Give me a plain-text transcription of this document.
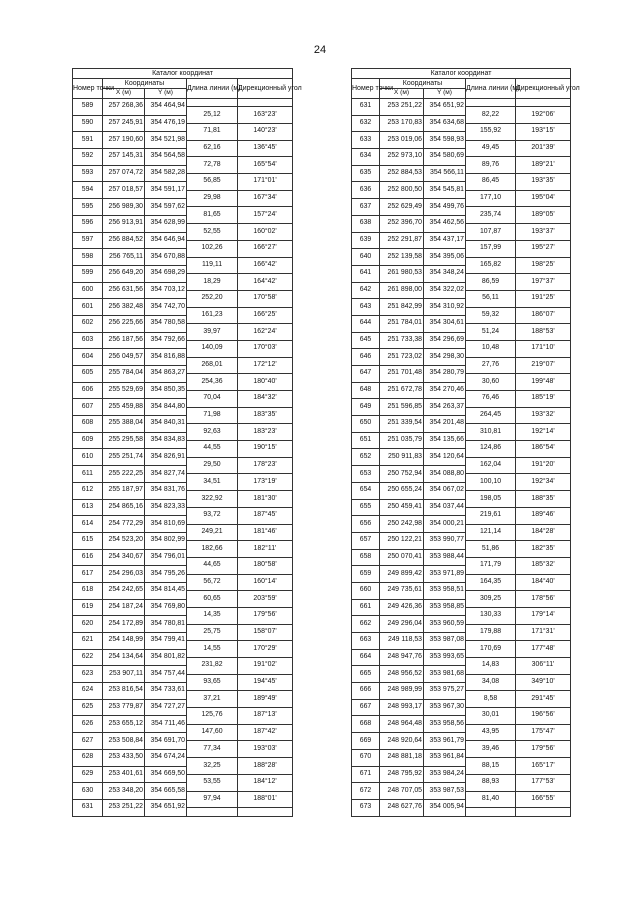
24
Каталог координат				
Номер точки	Координаты		Длина линии (м)	Дирекционный угол
	X (м)	Y (м)		
589	257 268,36	354 464,94		
			25,12	163°23'
590	257 245,91	354 476,19		
			71,81	140°23'
591	257 190,60	354 521,98		
			62,16	136°45'
592	257 145,31	354 564,58		
			72,78	165°54'
593	257 074,72	354 582,28		
			56,85	171°01'
594	257 018,57	354 591,17		
			29,98	167°34'
595	256 989,30	354 597,62		
			81,65	157°24'
596	256 913,91	354 628,99		
			52,55	160°02'
597	256 884,52	354 646,94		
			102,26	166°27'
598	256 765,11	354 670,88		
			119,11	166°42'
599	256 649,20	354 698,29		
			18,29	164°42'
600	256 631,56	354 703,12		
			252,20	170°58'
601	256 382,48	354 742,70		
			161,23	166°25'
602	256 225,66	354 780,58		
			39,97	162°24'
603	256 187,56	354 792,66		
			140,09	170°03'
604	256 049,57	354 816,88		
			268,01	172°12'
605	255 784,04	354 863,27		
			254,36	180°40'
606	255 529,69	354 850,35		
			70,04	184°32'
607	255 459,88	354 844,80		
			71,98	183°35'
608	255 388,04	354 840,31		
			92,63	183°23'
609	255 295,58	354 834,83		
			44,55	190°15'
610	255 251,74	354 826,91		
			29,50	178°23'
611	255 222,25	354 827,74		
			34,51	173°19'
612	255 187,97	354 831,76		
			322,92	181°30'
613	254 865,16	354 823,33		
			93,72	187°45'
614	254 772,29	354 810,69		
			249,21	181°46'
615	254 523,20	354 802,99		
			182,66	182°11'
616	254 340,67	354 796,01		
			44,65	180°58'
617	254 296,03	354 795,26		
			56,72	160°14'
618	254 242,65	354 814,45		
			60,65	203°59'
619	254 187,24	354 769,80		
			14,35	179°56'
620	254 172,89	354 780,81		
			25,75	158°07'
621	254 148,99	354 799,41		
			14,55	170°29'
622	254 134,64	354 801,82		
			231,82	191°02'
623	253 907,11	354 757,44		
			93,65	194°45'
624	253 816,54	354 733,61		
			37,21	189°49'
625	253 779,87	354 727,27		
			125,76	187°13'
626	253 655,12	354 711,46		
			147,60	187°42'
627	253 508,84	354 691,70		
			77,34	193°03'
628	253 433,50	354 674,24		
			32,25	188°28'
629	253 401,61	354 669,50		
			53,55	184°12'
630	253 348,20	354 665,58		
			97,94	188°01'
631	253 251,22	354 651,92		

Каталог координат				
Номер точки	Координаты		Длина линии (м)	Дирекционный угол
	X (м)	Y (м)		
631	253 251,22	354 651,92		
			82,22	192°06'
632	253 170,83	354 634,68		
			155,92	193°15'
633	253 019,06	354 598,93		
			49,45	201°39'
634	252 973,10	354 580,69		
			89,76	189°21'
635	252 884,53	354 566,11		
			86,45	193°35'
636	252 800,50	354 545,81		
			177,10	195°04'
637	252 629,49	354 499,76		
			235,74	189°05'
638	252 396,70	354 462,56		
			107,87	193°37'
639	252 291,87	354 437,17		
			157,99	195°27'
640	252 139,58	354 395,06		
			165,82	198°25'
641	261 980,53	354 348,24		
			86,59	197°37'
642	261 898,00	354 322,02		
			56,11	191°25'
643	251 842,99	354 310,92		
			59,32	186°07'
644	251 784,01	354 304,61		
			51,24	188°53'
645	251 733,38	354 296,69		
			10,48	171°10'
646	251 723,02	354 298,30		
			27,76	219°07'
647	251 701,48	354 280,79		
			30,60	199°48'
648	251 672,78	354 270,46		
			76,46	185°19'
649	251 596,85	354 263,37		
			264,45	193°32'
650	251 339,54	354 201,48		
			310,81	192°14'
651	251 035,79	354 135,66		
			124,86	186°54'
652	250 911,83	354 120,64		
			162,04	191°20'
653	250 752,94	354 088,80		
			100,10	192°34'
654	250 655,24	354 067,02		
			198,05	188°35'
655	250 459,41	354 037,44		
			219,61	189°46'
656	250 242,98	354 000,21		
			121,14	184°28'
657	250 122,21	353 990,77		
			51,86	182°35'
658	250 070,41	353 988,44		
			171,79	185°32'
659	249 899,42	353 971,89		
			164,35	184°40'
660	249 735,61	353 958,51		
			309,25	178°56'
661	249 426,36	353 958,85		
			130,33	179°14'
662	249 296,04	353 960,59		
			179,88	171°31'
663	249 118,53	353 987,08		
			170,69	177°48'
664	248 947,76	353 993,65		
			14,83	306°11'
665	248 956,52	353 981,68		
			34,08	349°10'
666	248 989,99	353 975,27		
			8,58	291°45'
667	248 993,17	353 967,30		
			30,01	196°56'
668	248 964,48	353 958,56		
			43,95	175°47'
669	248 920,64	353 961,79		
			39,46	179°56'
670	248 881,18	353 961,84		
			88,15	165°17'
671	248 795,92	353 984,24		
			88,93	177°53'
672	248 707,05	353 987,53		
			81,40	166°55'
673	248 627,76	354 005,94		
